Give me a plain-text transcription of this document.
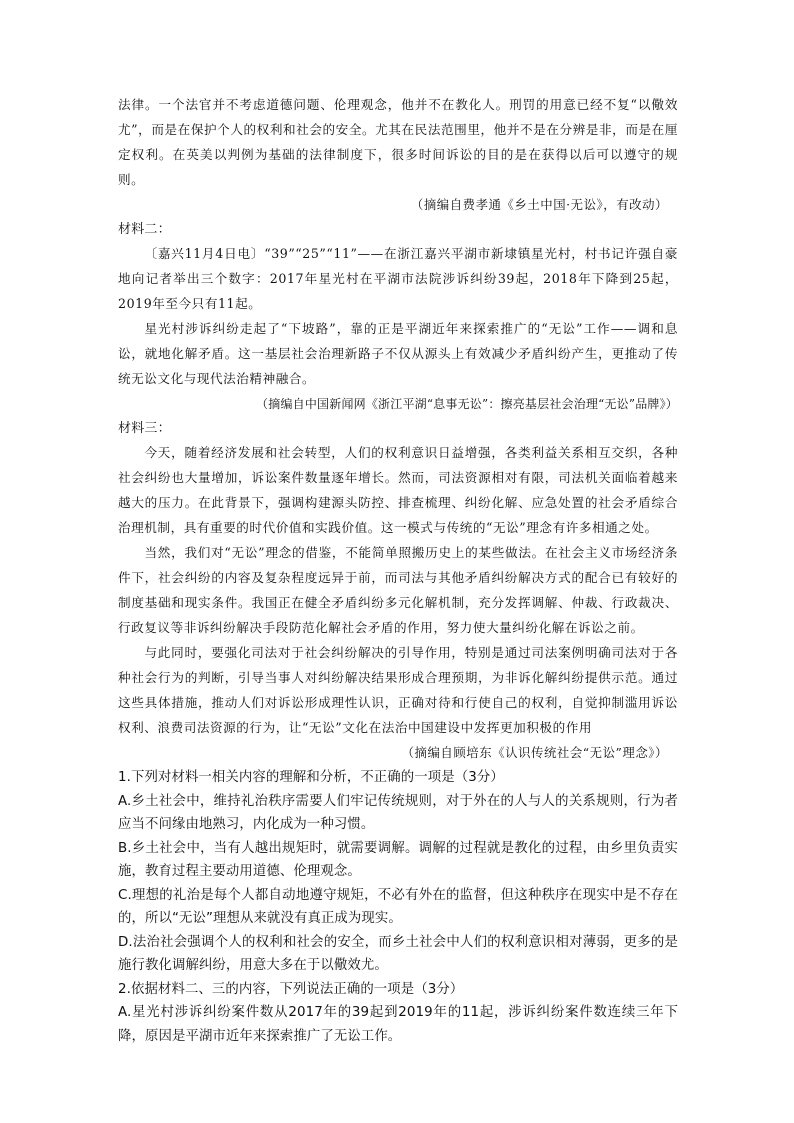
法律。一个法官并不考虑道德问题、伦理观念，他并不在教化人。刑罚的用意已经不复“以儆效尤”，而是在保护个人的权利和社会的安全。尤其在民法范围里，他并不是在分辨是非，而是在厘定权利。在英美以判例为基础的法律制度下，很多时间诉讼的目的是在获得以后可以遵守的规则。

（摘编自费孝通《乡土中国·无讼》，有改动）

材料二：

〔嘉兴11月4日电〕“39”“25”“11”——在浙江嘉兴平湖市新埭镇星光村，村书记许强自豪地向记者举出三个数字：2017年星光村在平湖市法院涉诉纠纷39起，2018年下降到25起，2019年至今只有11起。

星光村涉诉纠纷走起了“下坡路”，靠的正是平湖近年来探索推广的“无讼”工作——调和息讼，就地化解矛盾。这一基层社会治理新路子不仅从源头上有效减少矛盾纠纷产生，更推动了传统无讼文化与现代法治精神融合。

（摘编自中国新闻网《浙江平湖“息事无讼”：擦亮基层社会治理“无讼”品牌》）

材料三：

今天，随着经济发展和社会转型，人们的权利意识日益增强，各类利益关系相互交织，各种社会纠纷也大量增加，诉讼案件数量逐年增长。然而，司法资源相对有限，司法机关面临着越来越大的压力。在此背景下，强调构建源头防控、排查梳理、纠纷化解、应急处置的社会矛盾综合治理机制，具有重要的时代价值和实践价值。这一模式与传统的“无讼”理念有许多相通之处。

当然，我们对“无讼”理念的借鉴，不能简单照搬历史上的某些做法。在社会主义市场经济条件下，社会纠纷的内容及复杂程度远异于前，而司法与其他矛盾纠纷解决方式的配合已有较好的制度基础和现实条件。我国正在健全矛盾纠纷多元化解机制，充分发挥调解、仲裁、行政裁决、行政复议等非诉纠纷解决手段防范化解社会矛盾的作用，努力使大量纠纷化解在诉讼之前。

与此同时，要强化司法对于社会纠纷解决的引导作用，特别是通过司法案例明确司法对于各种社会行为的判断，引导当事人对纠纷解决结果形成合理预期，为非诉化解纠纷提供示范。通过这些具体措施，推动人们对诉讼形成理性认识，正确对待和行使自己的权利，自觉抑制滥用诉讼权利、浪费司法资源的行为，让“无讼”文化在法治中国建设中发挥更加积极的作用

（摘编自顾培东《认识传统社会“无讼”理念》）

1.下列对材料一相关内容的理解和分析，不正确的一项是（3分）

A.乡土社会中，维持礼治秩序需要人们牢记传统规则，对于外在的人与人的关系规则，行为者应当不问缘由地熟习，内化成为一种习惯。

B.乡土社会中，当有人越出规矩时，就需要调解。调解的过程就是教化的过程，由乡里负责实施，教育过程主要动用道德、伦理观念。

C.理想的礼治是每个人都自动地遵守规矩，不必有外在的监督，但这种秩序在现实中是不存在的，所以“无讼”理想从来就没有真正成为现实。

D.法治社会强调个人的权利和社会的安全，而乡土社会中人们的权利意识相对薄弱，更多的是施行教化调解纠纷，用意大多在于以儆效尤。

2.依据材料二、三的内容，下列说法正确的一项是（3分）

A.星光村涉诉纠纷案件数从2017年的39起到2019年的11起，涉诉纠纷案件数连续三年下降，原因是平湖市近年来探索推广了无讼工作。
